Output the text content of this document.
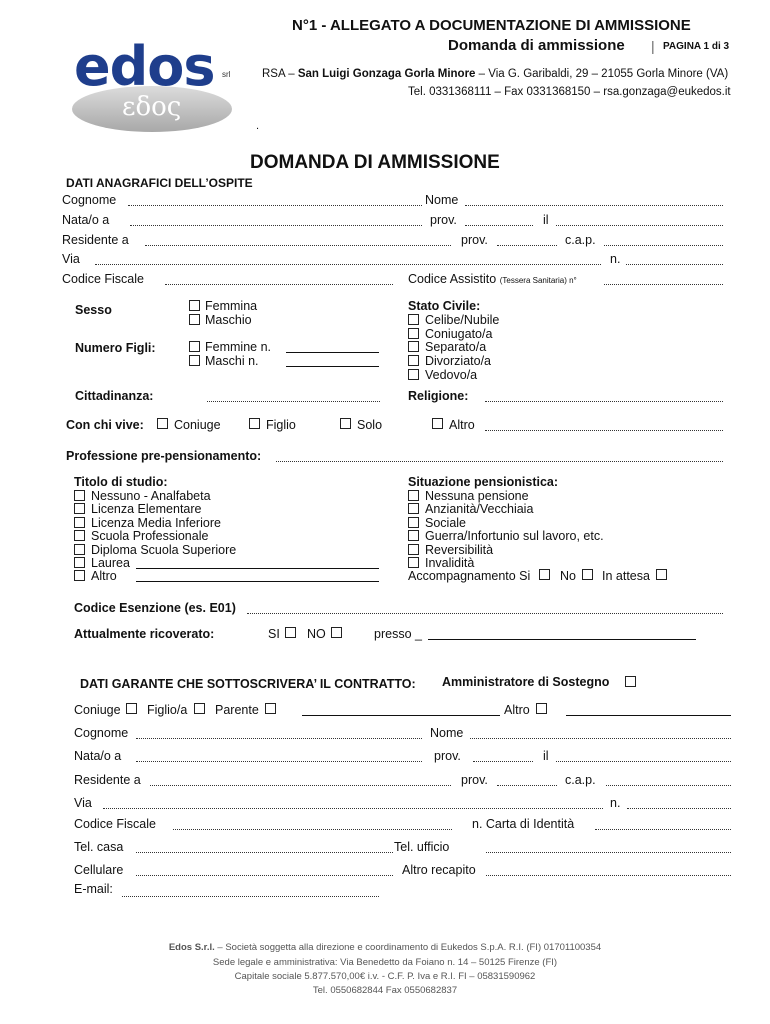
N°1 - ALLEGATO A DOCUMENTAZIONE DI AMMISSIONE
Domanda di ammissione | PAGINA 1 di 3
RSA – San Luigi Gonzaga Gorla Minore – Via G. Garibaldi, 29 – 21055 Gorla Minore (VA)
Tel. 0331368111 – Fax 0331368150 – rsa.gonzaga@eukedos.it
.
edos srl
εδος
DOMANDA DI AMMISSIONE
DATI ANAGRAFICI DELL’OSPITE
Cognome	Nome
Nata/o a	prov.	il
Residente a	prov.	c.a.p.
Via	n.
Codice Fiscale	Codice Assistito (Tessera Sanitaria) n°
Sesso	Femmina
Maschio
Stato Civile:
Celibe/Nubile
Coniugato/a
Separato/a
Divorziato/a
Vedovo/a
Numero Figli:	Femmine n.
Maschi n.
Cittadinanza:	Religione:
Con chi vive: Coniuge	Figlio	Solo	Altro
Professione pre-pensionamento:
Titolo di studio:
Nessuno - Analfabeta
Licenza Elementare
Licenza Media Inferiore
Scuola Professionale
Diploma Scuola Superiore
Laurea
Altro
Situazione pensionistica:
Nessuna pensione
Anzianità/Vecchiaia
Sociale
Guerra/Infortunio sul lavoro, etc.
Reversibilità
Invalidità
Accompagnamento Si No In attesa
Codice Esenzione (es. E01)
Attualmente ricoverato:	SI NO	presso _
DATI GARANTE CHE SOTTOSCRIVERA’ IL CONTRATTO: Amministratore di Sostegno
Coniuge Figlio/a Parente	Altro
Cognome	Nome
Nata/o a	prov.	il
Residente a	prov.	c.a.p.
Via	n.
Codice Fiscale	n. Carta di Identità
Tel. casa	Tel. ufficio
Cellulare	Altro recapito
E-mail:
Edos S.r.l. – Società soggetta alla direzione e coordinamento di Eukedos S.p.A. R.I. (FI) 01701100354
Sede legale e amministrativa: Via Benedetto da Foiano n. 14 – 50125 Firenze (FI)
Capitale sociale 5.877.570,00€ i.v. - C.F. P. Iva e R.I. FI – 05831590962
Tel. 0550682844 Fax 0550682837
